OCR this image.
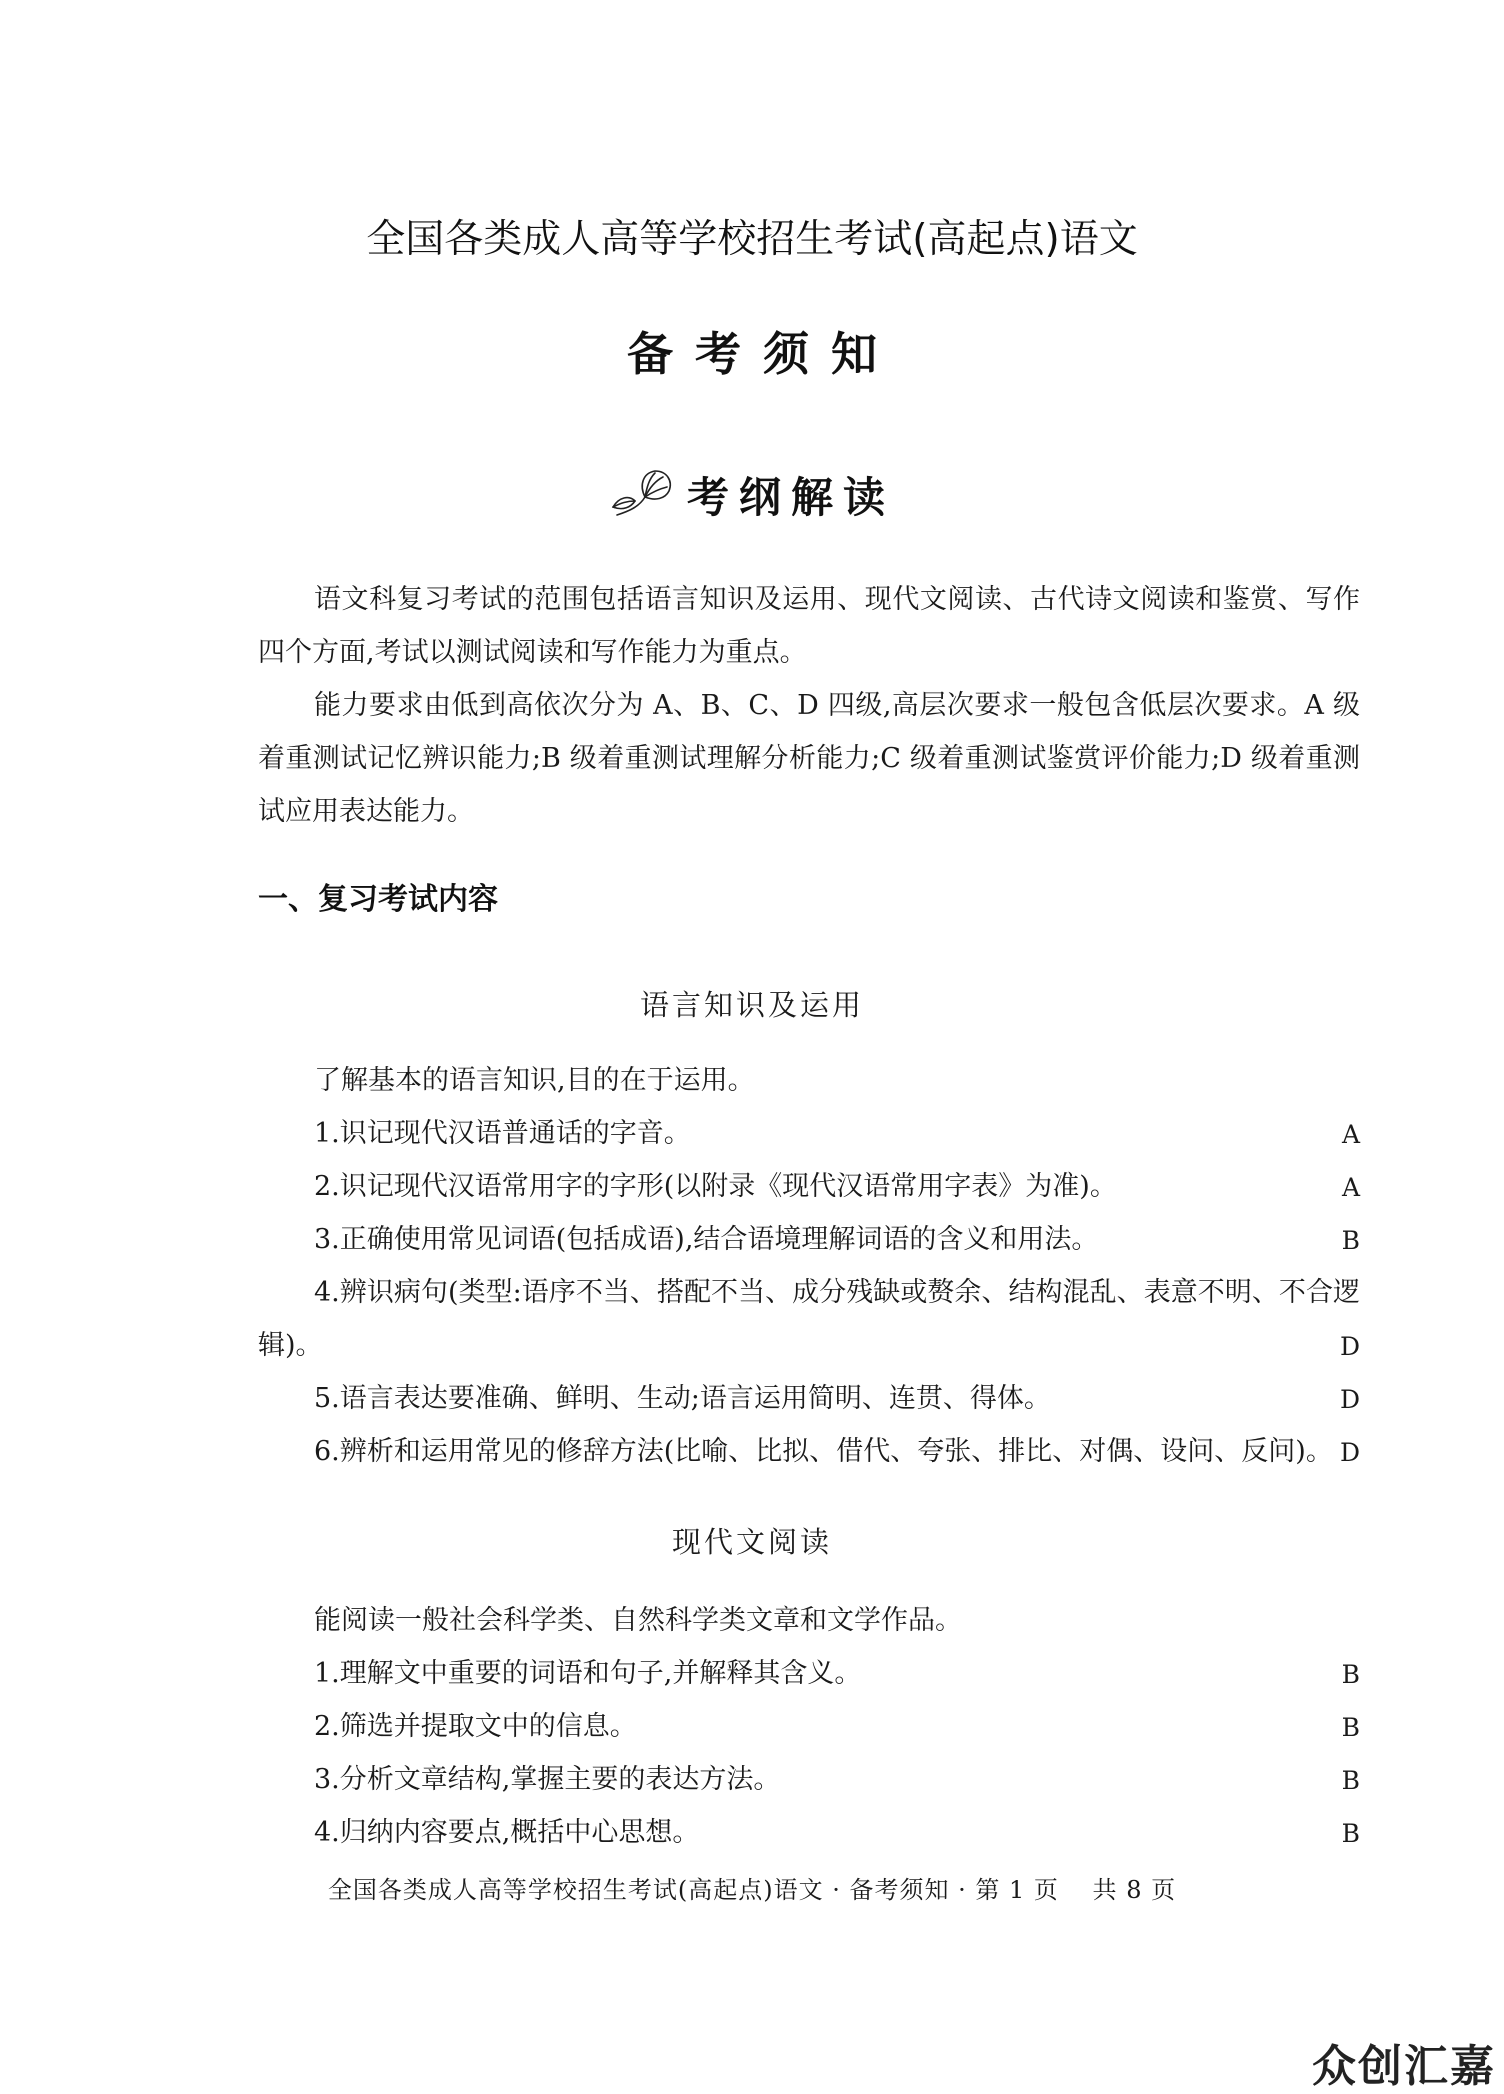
全国各类成人高等学校招生考试(高起点)语文
备考须知
考纲解读
语文科复习考试的范围包括语言知识及运用、现代文阅读、古代诗文阅读和鉴赏、写作四个方面,考试以测试阅读和写作能力为重点。
能力要求由低到高依次分为 A、B、C、D 四级,高层次要求一般包含低层次要求。A 级着重测试记忆辨识能力;B 级着重测试理解分析能力;C 级着重测试鉴赏评价能力;D 级着重测试应用表达能力。
一、复习考试内容
语言知识及运用
了解基本的语言知识,目的在于运用。
1.识记现代汉语普通话的字音。	A
2.识记现代汉语常用字的字形(以附录《现代汉语常用字表》为准)。	A
3.正确使用常见词语(包括成语),结合语境理解词语的含义和用法。	B
4.辨识病句(类型:语序不当、搭配不当、成分残缺或赘余、结构混乱、表意不明、不合逻辑)。	D
5.语言表达要准确、鲜明、生动;语言运用简明、连贯、得体。	D
6.辨析和运用常见的修辞方法(比喻、比拟、借代、夸张、排比、对偶、设问、反问)。 D
现代文阅读
能阅读一般社会科学类、自然科学类文章和文学作品。
1.理解文中重要的词语和句子,并解释其含义。	B
2.筛选并提取文中的信息。	B
3.分析文章结构,掌握主要的表达方法。	B
4.归纳内容要点,概括中心思想。	B
全国各类成人高等学校招生考试(高起点)语文 · 备考须知 · 第 1 页　 共 8 页
众创汇嘉
